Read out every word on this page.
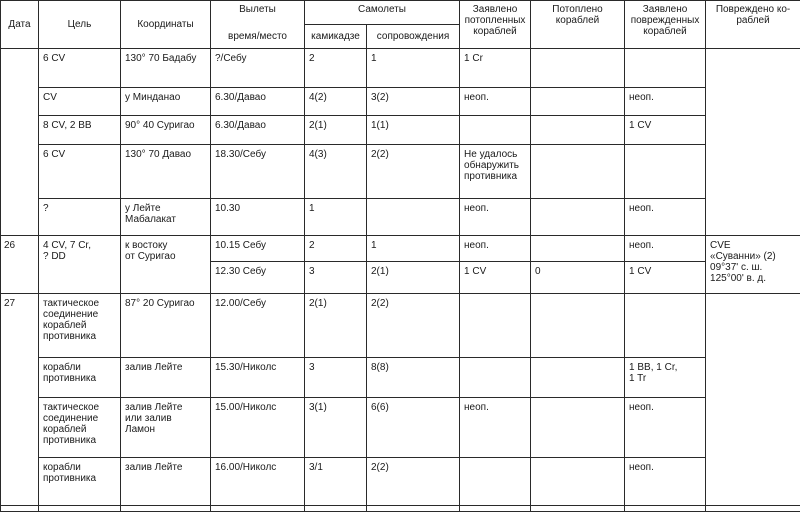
Дата	Цель	Координаты	Вылеты	Самолеты		Заявлено
потопленных
кораблей	Потоплено
кораблей	Заявлено
поврежденных
кораблей	Повреждено ко-
раблей
			время/место	камикадзе	сопровождения				
	6 CV	130° 70 Бадабу	?/Себу	2	1	1 Cr			
	CV	у Минданао	6.30/Давао	4(2)	3(2)	неоп.		неоп.	
	8 CV, 2 BB	90° 40 Суригао	6.30/Давао	2(1)	1(1)			1 CV	
	6 CV	130° 70 Давао	18.30/Себу	4(3)	2(2)	Не удалось
обнаружить
противника			
	?	у Лейте
Мабалакат	10.30	1		неоп.		неоп.	
26	4 CV, 7 Cr,
? DD	к востоку
от Суригао	10.15 Себу	2	1	неоп.		неоп.	CVE
«Суванни» (2)
09°37' с. ш.
125°00' в. д.
			12.30 Себу	3	2(1)	1 CV	0	1 CV	
27	тактическое
соединение
кораблей
противника	87° 20 Суригао	12.00/Себу	2(1)	2(2)				
	корабли
противника	залив Лейте	15.30/Николс	3	8(8)			1 BB, 1 Cr,
1 Tr	
	тактическое
соединение
кораблей
противника	залив Лейте
или залив
Ламон	15.00/Николс	3(1)	6(6)	неоп.		неоп.	
	корабли
противника	залив Лейте	16.00/Николс	3/1	2(2)			неоп.	
